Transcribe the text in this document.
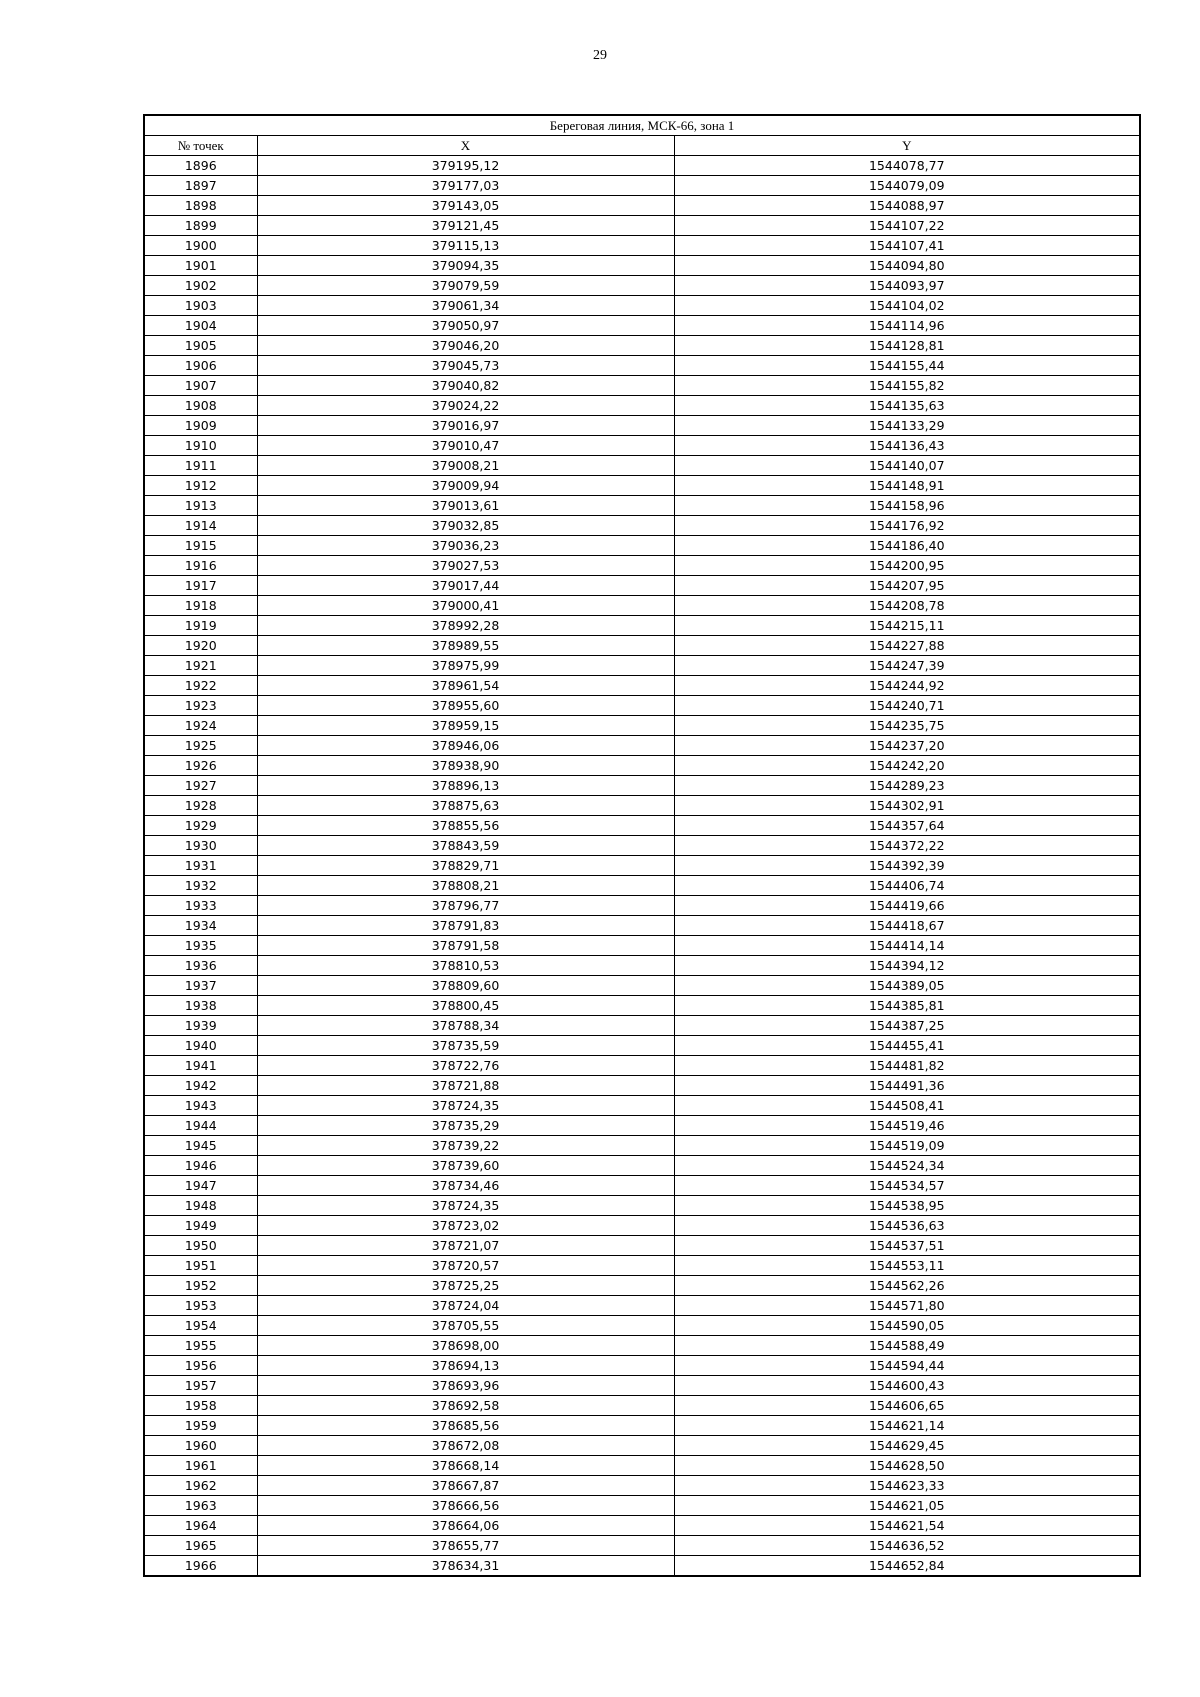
29
Береговая линия, МСК-66, зона 1		
№ точек	X	Y
1896	379195,12	1544078,77
1897	379177,03	1544079,09
1898	379143,05	1544088,97
1899	379121,45	1544107,22
1900	379115,13	1544107,41
1901	379094,35	1544094,80
1902	379079,59	1544093,97
1903	379061,34	1544104,02
1904	379050,97	1544114,96
1905	379046,20	1544128,81
1906	379045,73	1544155,44
1907	379040,82	1544155,82
1908	379024,22	1544135,63
1909	379016,97	1544133,29
1910	379010,47	1544136,43
1911	379008,21	1544140,07
1912	379009,94	1544148,91
1913	379013,61	1544158,96
1914	379032,85	1544176,92
1915	379036,23	1544186,40
1916	379027,53	1544200,95
1917	379017,44	1544207,95
1918	379000,41	1544208,78
1919	378992,28	1544215,11
1920	378989,55	1544227,88
1921	378975,99	1544247,39
1922	378961,54	1544244,92
1923	378955,60	1544240,71
1924	378959,15	1544235,75
1925	378946,06	1544237,20
1926	378938,90	1544242,20
1927	378896,13	1544289,23
1928	378875,63	1544302,91
1929	378855,56	1544357,64
1930	378843,59	1544372,22
1931	378829,71	1544392,39
1932	378808,21	1544406,74
1933	378796,77	1544419,66
1934	378791,83	1544418,67
1935	378791,58	1544414,14
1936	378810,53	1544394,12
1937	378809,60	1544389,05
1938	378800,45	1544385,81
1939	378788,34	1544387,25
1940	378735,59	1544455,41
1941	378722,76	1544481,82
1942	378721,88	1544491,36
1943	378724,35	1544508,41
1944	378735,29	1544519,46
1945	378739,22	1544519,09
1946	378739,60	1544524,34
1947	378734,46	1544534,57
1948	378724,35	1544538,95
1949	378723,02	1544536,63
1950	378721,07	1544537,51
1951	378720,57	1544553,11
1952	378725,25	1544562,26
1953	378724,04	1544571,80
1954	378705,55	1544590,05
1955	378698,00	1544588,49
1956	378694,13	1544594,44
1957	378693,96	1544600,43
1958	378692,58	1544606,65
1959	378685,56	1544621,14
1960	378672,08	1544629,45
1961	378668,14	1544628,50
1962	378667,87	1544623,33
1963	378666,56	1544621,05
1964	378664,06	1544621,54
1965	378655,77	1544636,52
1966	378634,31	1544652,84
